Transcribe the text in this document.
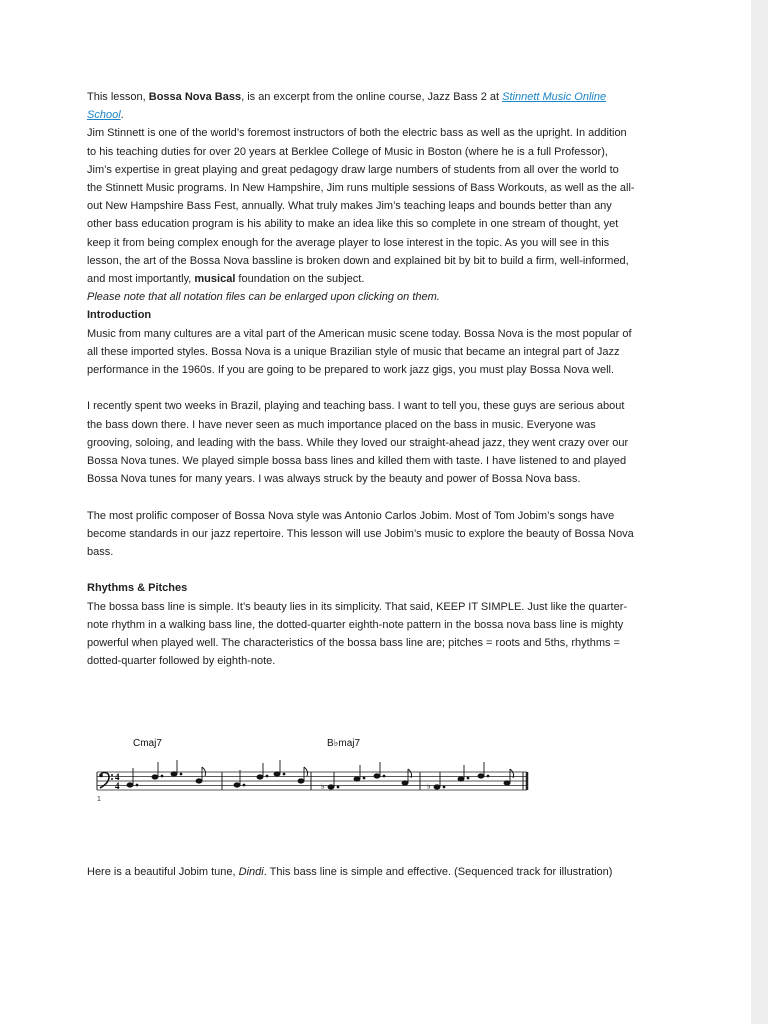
This lesson, Bossa Nova Bass, is an excerpt from the online course, Jazz Bass 2 at Stinnett Music Online School.

Jim Stinnett is one of the world’s foremost instructors of both the electric bass as well as the upright. In addition to his teaching duties for over 20 years at Berklee College of Music in Boston (where he is a full Professor), Jim’s expertise in great playing and great pedagogy draw large numbers of students from all over the world to the Stinnett Music programs. In New Hampshire, Jim runs multiple sessions of Bass Workouts, as well as the all-out New Hampshire Bass Fest, annually. What truly makes Jim’s teaching leaps and bounds better than any other bass education program is his ability to make an idea like this so complete in one stream of thought, yet keep it from being complex enough for the average player to lose interest in the topic. As you will see in this lesson, the art of the Bossa Nova bassline is broken down and explained bit by bit to build a firm, well-informed, and most importantly, musical foundation on the subject.

Please note that all notation files can be enlarged upon clicking on them.

Introduction

Music from many cultures are a vital part of the American music scene today. Bossa Nova is the most popular of all these imported styles. Bossa Nova is a unique Brazilian style of music that became an integral part of Jazz performance in the 1960s. If you are going to be prepared to work jazz gigs, you must play Bossa Nova well.

I recently spent two weeks in Brazil, playing and teaching bass. I want to tell you, these guys are serious about the bass down there. I have never seen as much importance placed on the bass in music. Everyone was grooving, soloing, and leading with the bass. While they loved our straight-ahead jazz, they went crazy over our Bossa Nova tunes. We played simple bossa bass lines and killed them with taste. I have listened to and played Bossa Nova tunes for many years. I was always struck by the beauty and power of Bossa Nova bass.

The most prolific composer of Bossa Nova style was Antonio Carlos Jobim. Most of Tom Jobim’s songs have become standards in our jazz repertoire. This lesson will use Jobim’s music to explore the beauty of Bossa Nova bass.

Rhythms & Pitches

The bossa bass line is simple. It’s beauty lies in its simplicity. That said, KEEP IT SIMPLE. Just like the quarter-note rhythm in a walking bass line, the dotted-quarter eighth-note pattern in the bossa nova bass line is mighty powerful when played well. The characteristics of the bossa bass line are; pitches = roots and 5ths, rhythms = dotted-quarter followed by eighth-note.

Cmaj7	B♭maj7
4
4	♭	♭
1
Here is a beautiful Jobim tune, Dindi. This bass line is simple and effective. (Sequenced track for illustration)
